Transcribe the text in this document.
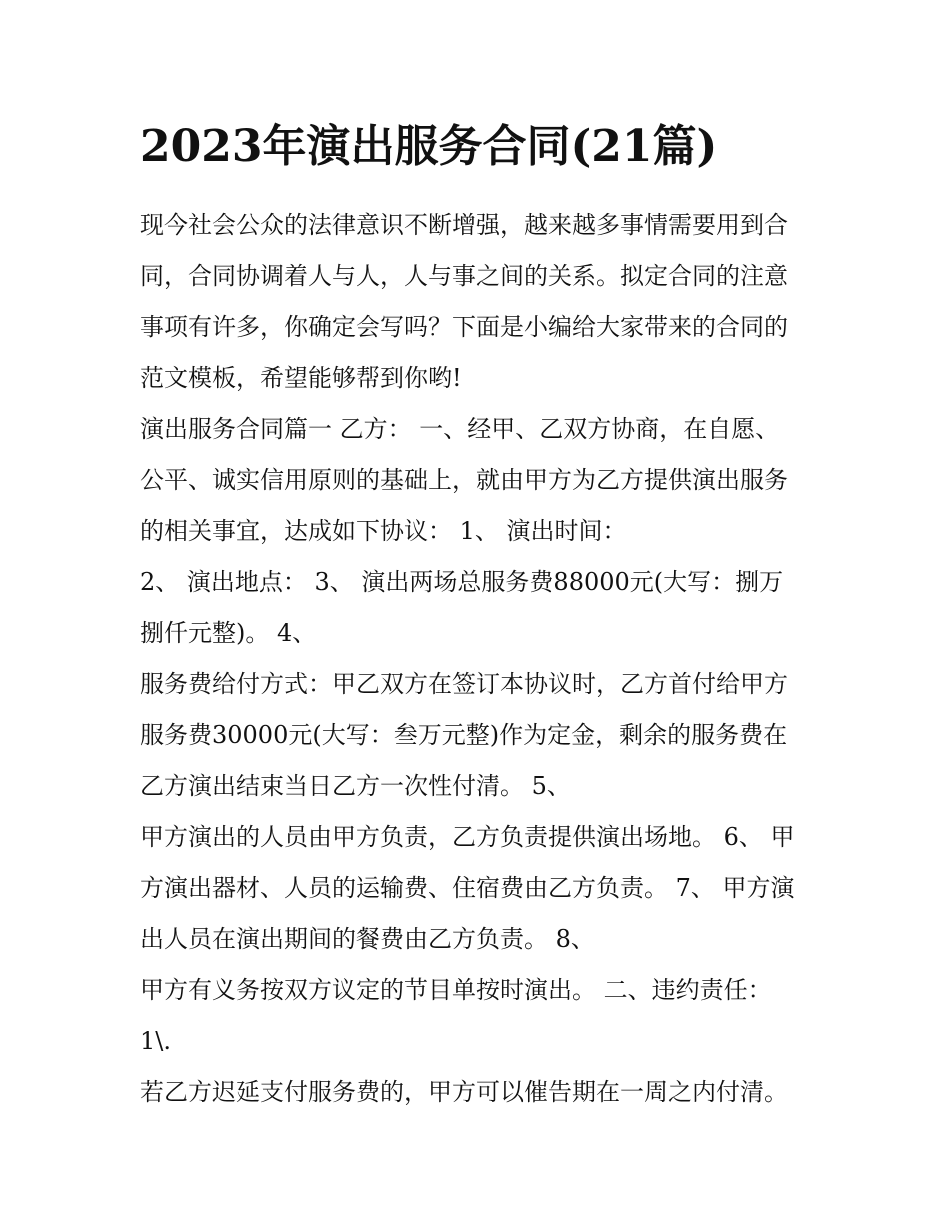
2023年演出服务合同(21篇)

现今社会公众的法律意识不断增强，越来越多事情需要用到合

同，合同协调着人与人，人与事之间的关系。拟定合同的注意

事项有许多，你确定会写吗？下面是小编给大家带来的合同的

范文模板，希望能够帮到你哟!

演出服务合同篇一 乙方： 一、经甲、乙双方协商，在自愿、

公平、诚实信用原则的基础上，就由甲方为乙方提供演出服务

的相关事宜，达成如下协议： 1、 演出时间：

2、 演出地点： 3、 演出两场总服务费88000元(大写：捌万

捌仟元整)。 4、

服务费给付方式：甲乙双方在签订本协议时，乙方首付给甲方

服务费30000元(大写：叁万元整)作为定金，剩余的服务费在

乙方演出结束当日乙方一次性付清。 5、

甲方演出的人员由甲方负责，乙方负责提供演出场地。 6、 甲

方演出器材、人员的运输费、住宿费由乙方负责。 7、 甲方演

出人员在演出期间的餐费由乙方负责。 8、

甲方有义务按双方议定的节目单按时演出。 二、违约责任：

1\.

若乙方迟延支付服务费的，甲方可以催告期在一周之内付清。
